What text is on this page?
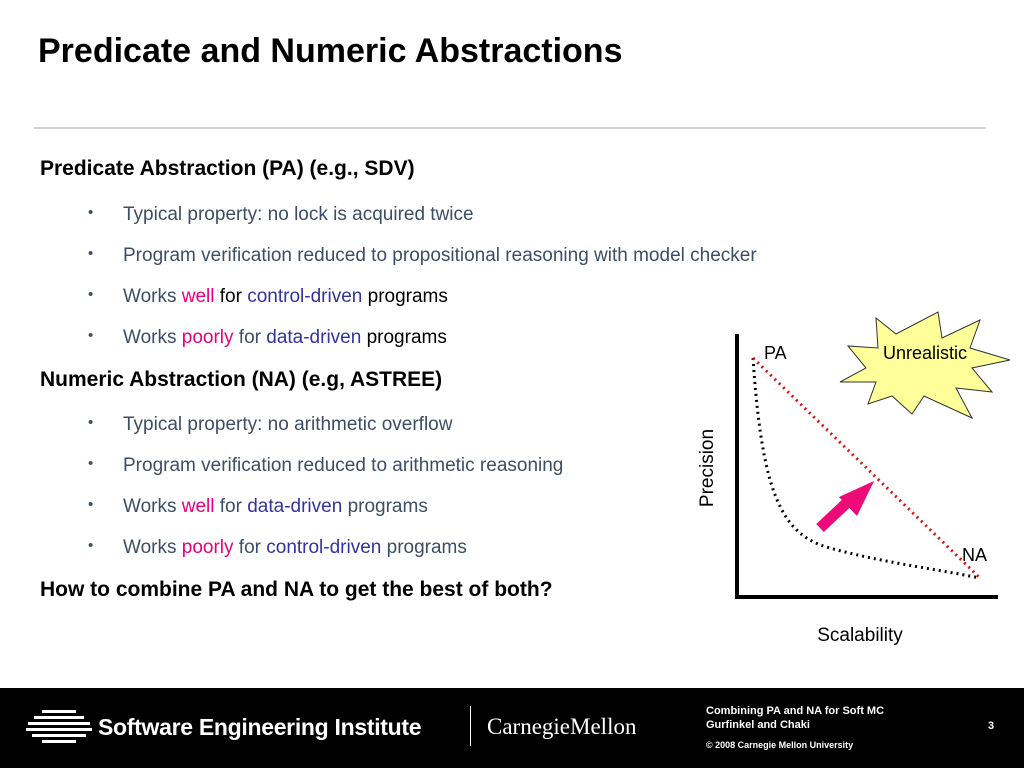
Predicate and Numeric Abstractions
Predicate Abstraction (PA) (e.g., SDV)
• Typical property: no lock is acquired twice
• Program verification reduced to propositional reasoning with model checker
• Works well for control-driven programs
• Works poorly for data-driven programs
Numeric Abstraction (NA) (e.g, ASTREE)
• Typical property: no arithmetic overflow
• Program verification reduced to arithmetic reasoning
• Works well for data-driven programs
• Works poorly for control-driven programs
How to combine PA and NA to get the best of both?
Unrealistic
PA
NA
Precision
Scalability
Software Engineering Institute	CarnegieMellon
Combining PA and NA for Soft MC
Gurfinkel and Chaki
© 2008 Carnegie Mellon University
3
